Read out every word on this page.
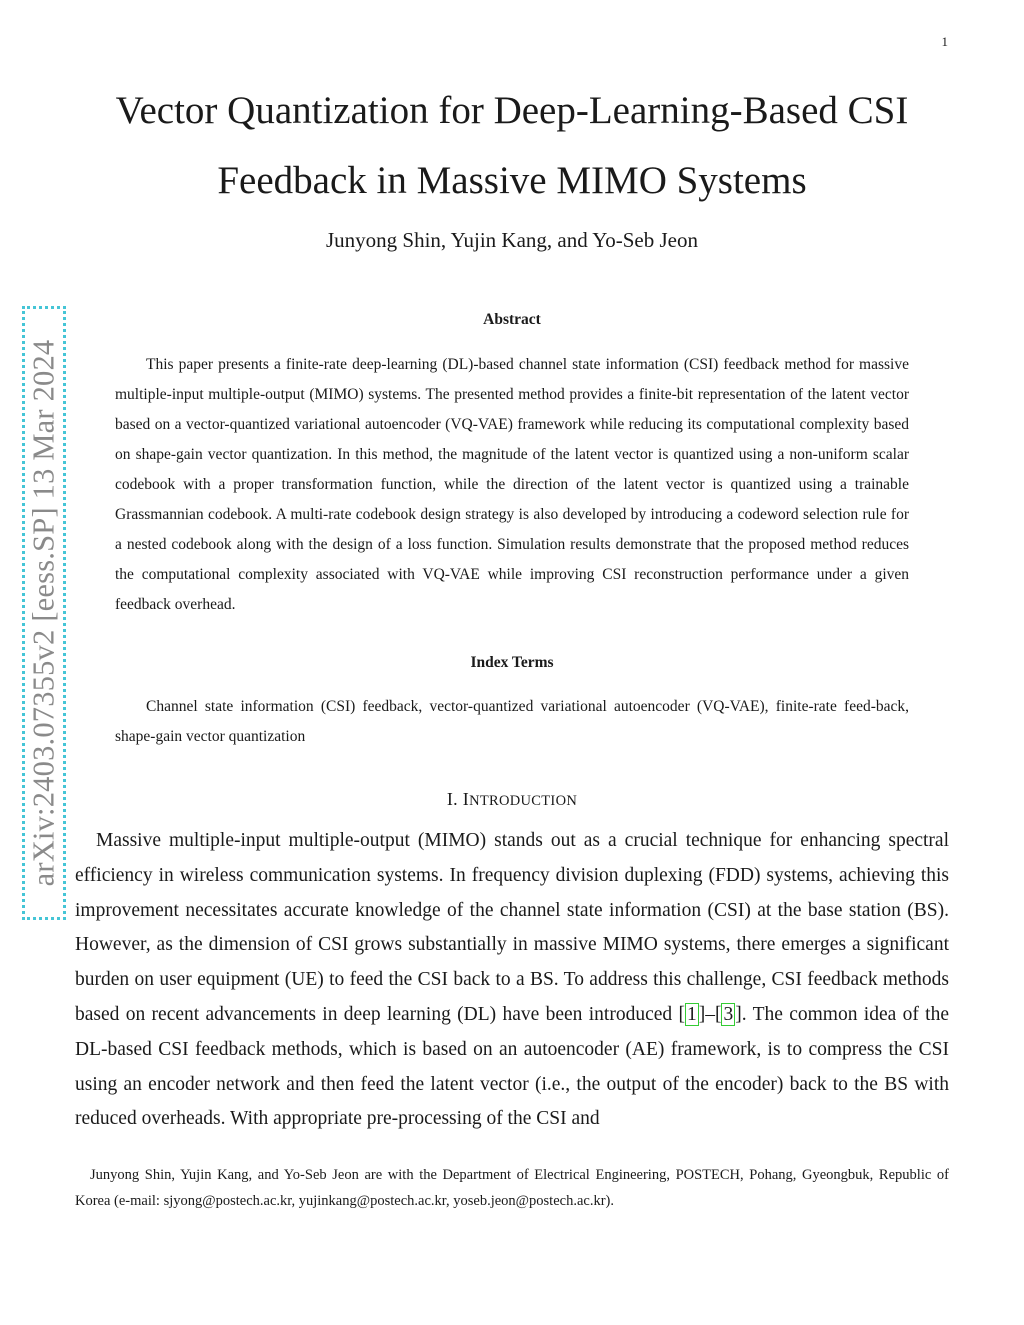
1
arXiv:2403.07355v2 [eess.SP] 13 Mar 2024
Vector Quantization for Deep-Learning-Based CSI
Feedback in Massive MIMO Systems
Junyong Shin, Yujin Kang, and Yo-Seb Jeon
Abstract

This paper presents a finite-rate deep-learning (DL)-based channel state information (CSI) feedback method for massive multiple-input multiple-output (MIMO) systems. The presented method provides a finite-bit representation of the latent vector based on a vector-quantized variational autoencoder (VQ-VAE) framework while reducing its computational complexity based on shape-gain vector quantization. In this method, the magnitude of the latent vector is quantized using a non-uniform scalar codebook with a proper transformation function, while the direction of the latent vector is quantized using a trainable Grassmannian codebook. A multi-rate codebook design strategy is also developed by introducing a codeword selection rule for a nested codebook along with the design of a loss function. Simulation results demonstrate that the proposed method reduces the computational complexity associated with VQ-VAE while improving CSI reconstruction performance under a given feedback overhead.

Index Terms

Channel state information (CSI) feedback, vector-quantized variational autoencoder (VQ-VAE), finite-rate feed-back, shape-gain vector quantization

I. INTRODUCTION

Massive multiple-input multiple-output (MIMO) stands out as a crucial technique for enhancing spectral efficiency in wireless communication systems. In frequency division duplexing (FDD) systems, achieving this improvement necessitates accurate knowledge of the channel state information (CSI) at the base station (BS). However, as the dimension of CSI grows substantially in massive MIMO systems, there emerges a significant burden on user equipment (UE) to feed the CSI back to a BS. To address this challenge, CSI feedback methods based on recent advancements in deep learning (DL) have been introduced [ 1 ]–[ 3 ]. The common idea of the DL-based CSI feedback methods, which is based on an autoencoder (AE) framework, is to compress the CSI using an encoder network and then feed the latent vector (i.e., the output of the encoder) back to the BS with reduced overheads. With appropriate pre-processing of the CSI and

Junyong Shin, Yujin Kang, and Yo-Seb Jeon are with the Department of Electrical Engineering, POSTECH, Pohang, Gyeongbuk, Republic of Korea (e-mail: sjyong@postech.ac.kr, yujinkang@postech.ac.kr, yoseb.jeon@postech.ac.kr).
